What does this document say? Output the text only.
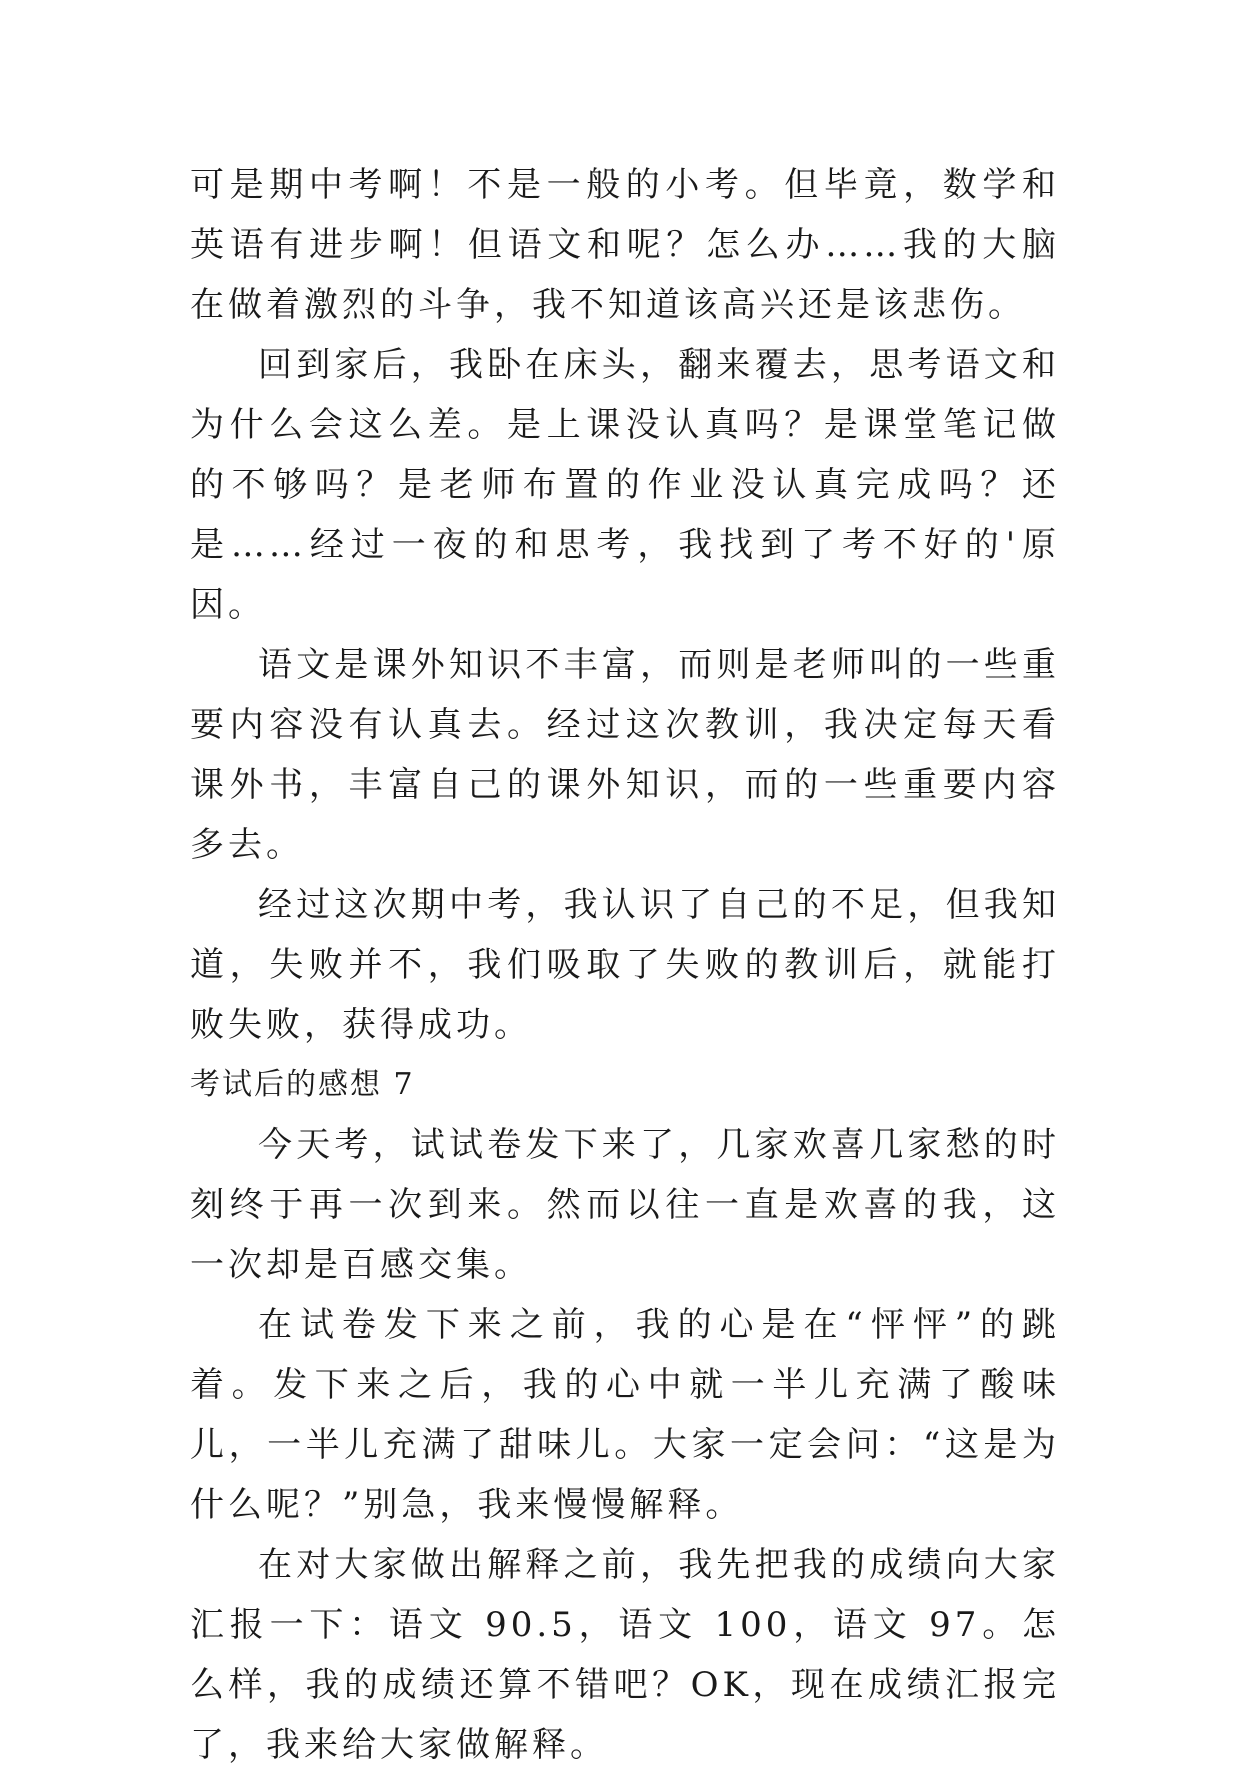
可是期中考啊！不是一般的小考。但毕竟，数学和英语有进步啊！但语文和呢？怎么办……我的大脑在做着激烈的斗争，我不知道该高兴还是该悲伤。

回到家后，我卧在床头，翻来覆去，思考语文和为什么会这么差。是上课没认真吗？是课堂笔记做的不够吗？是老师布置的作业没认真完成吗？还是……经过一夜的和思考，我找到了考不好的'原因。

语文是课外知识不丰富，而则是老师叫的一些重要内容没有认真去。经过这次教训，我决定每天看课外书，丰富自己的课外知识，而的一些重要内容多去。

经过这次期中考，我认识了自己的不足，但我知道，失败并不，我们吸取了失败的教训后，就能打败失败，获得成功。

考试后的感想 7

今天考，试试卷发下来了，几家欢喜几家愁的时刻终于再一次到来。然而以往一直是欢喜的我，这一次却是百感交集。

在试卷发下来之前，我的心是在“怦怦”的跳着。发下来之后，我的心中就一半儿充满了酸味儿，一半儿充满了甜味儿。大家一定会问：“这是为什么呢？”别急，我来慢慢解释。

在对大家做出解释之前，我先把我的成绩向大家汇报一下：语文 90.5，语文 100，语文 97。怎么样，我的成绩还算不错吧？OK，现在成绩汇报完了，我来给大家做解释。
